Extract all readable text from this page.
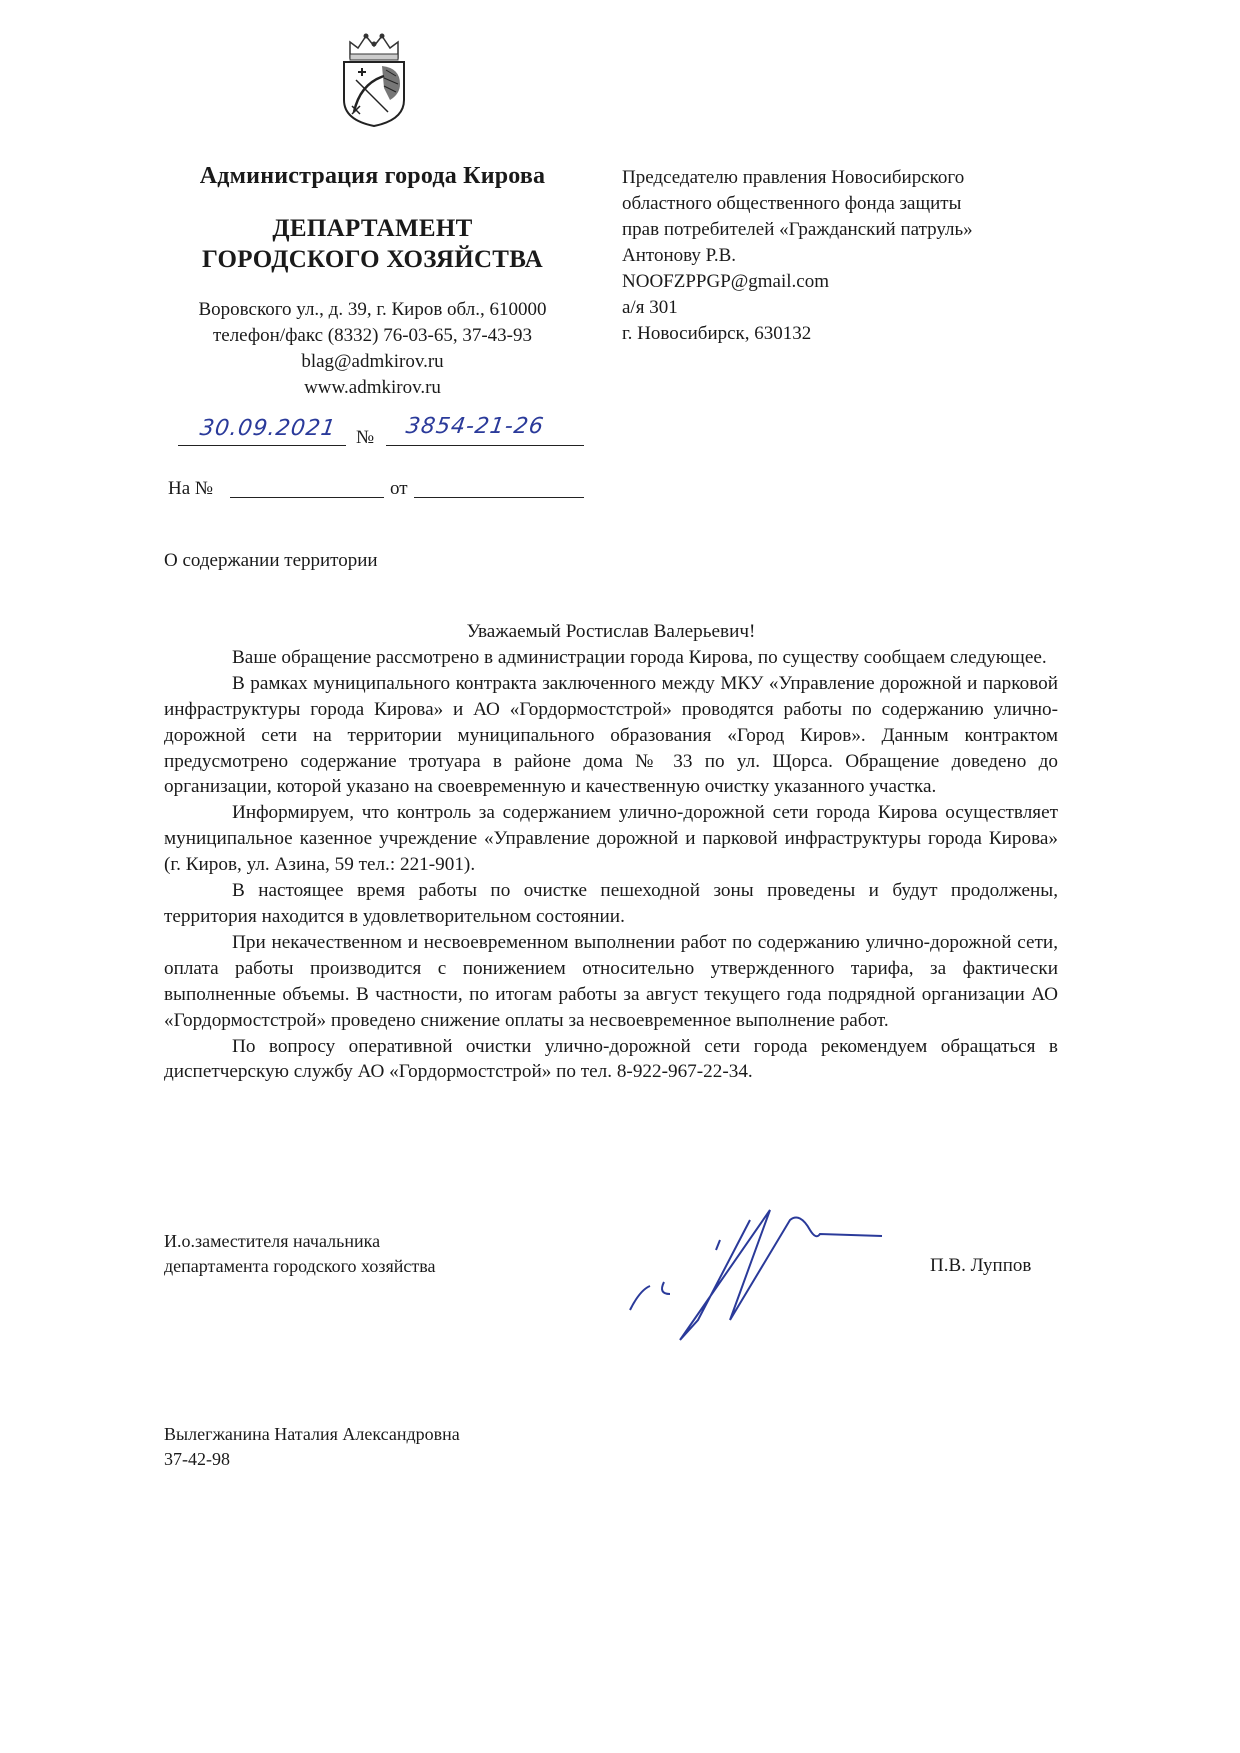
Администрация города Кирова
ДЕПАРТАМЕНТ
ГОРОДСКОГО ХОЗЯЙСТВА
Воровского ул., д. 39, г. Киров обл., 610000
телефон/факс (8332) 76-03-65, 37-43-93
blag@admkirov.ru
www.admkirov.ru
30.09.2021 № 3854-21-26
На №	от
Председателю правления Новосибирского
областного общественного фонда защиты
прав потребителей «Гражданский патруль»
Антонову Р.В.
NOOFZPPGP@gmail.com
а/я 301
г. Новосибирск, 630132
О содержании территории

Уважаемый Ростислав Валерьевич!

Ваше обращение рассмотрено в администрации города Кирова, по существу сообщаем следующее.

В рамках муниципального контракта заключенного между МКУ «Управление дорожной и парковой инфраструктуры города Кирова» и АО «Гордормостстрой» проводятся работы по содержанию улично-дорожной сети на территории муниципального образования «Город Киров». Данным контрактом предусмотрено содержание тротуара в районе дома № 33 по ул. Щорса. Обращение доведено до организации, которой указано на своевременную и качественную очистку указанного участка.

Информируем, что контроль за содержанием улично-дорожной сети города Кирова осуществляет муниципальное казенное учреждение «Управление дорожной и парковой инфраструктуры города Кирова» (г. Киров, ул. Азина, 59 тел.: 221-901).

В настоящее время работы по очистке пешеходной зоны проведены и будут продолжены, территория находится в удовлетворительном состоянии.

При некачественном и несвоевременном выполнении работ по содержанию улично-дорожной сети, оплата работы производится с понижением относительно утвержденного тарифа, за фактически выполненные объемы. В частности, по итогам работы за август текущего года подрядной организации АО «Гордормостстрой» проведено снижение оплаты за несвоевременное выполнение работ.

По вопросу оперативной очистки улично-дорожной сети города рекомендуем обращаться в диспетчерскую службу АО «Гордормостстрой» по тел. 8-922-967-22-34.

И.о.заместителя начальника
департамента городского хозяйства	П.В. Луппов
Вылегжанина Наталия Александровна
37-42-98
